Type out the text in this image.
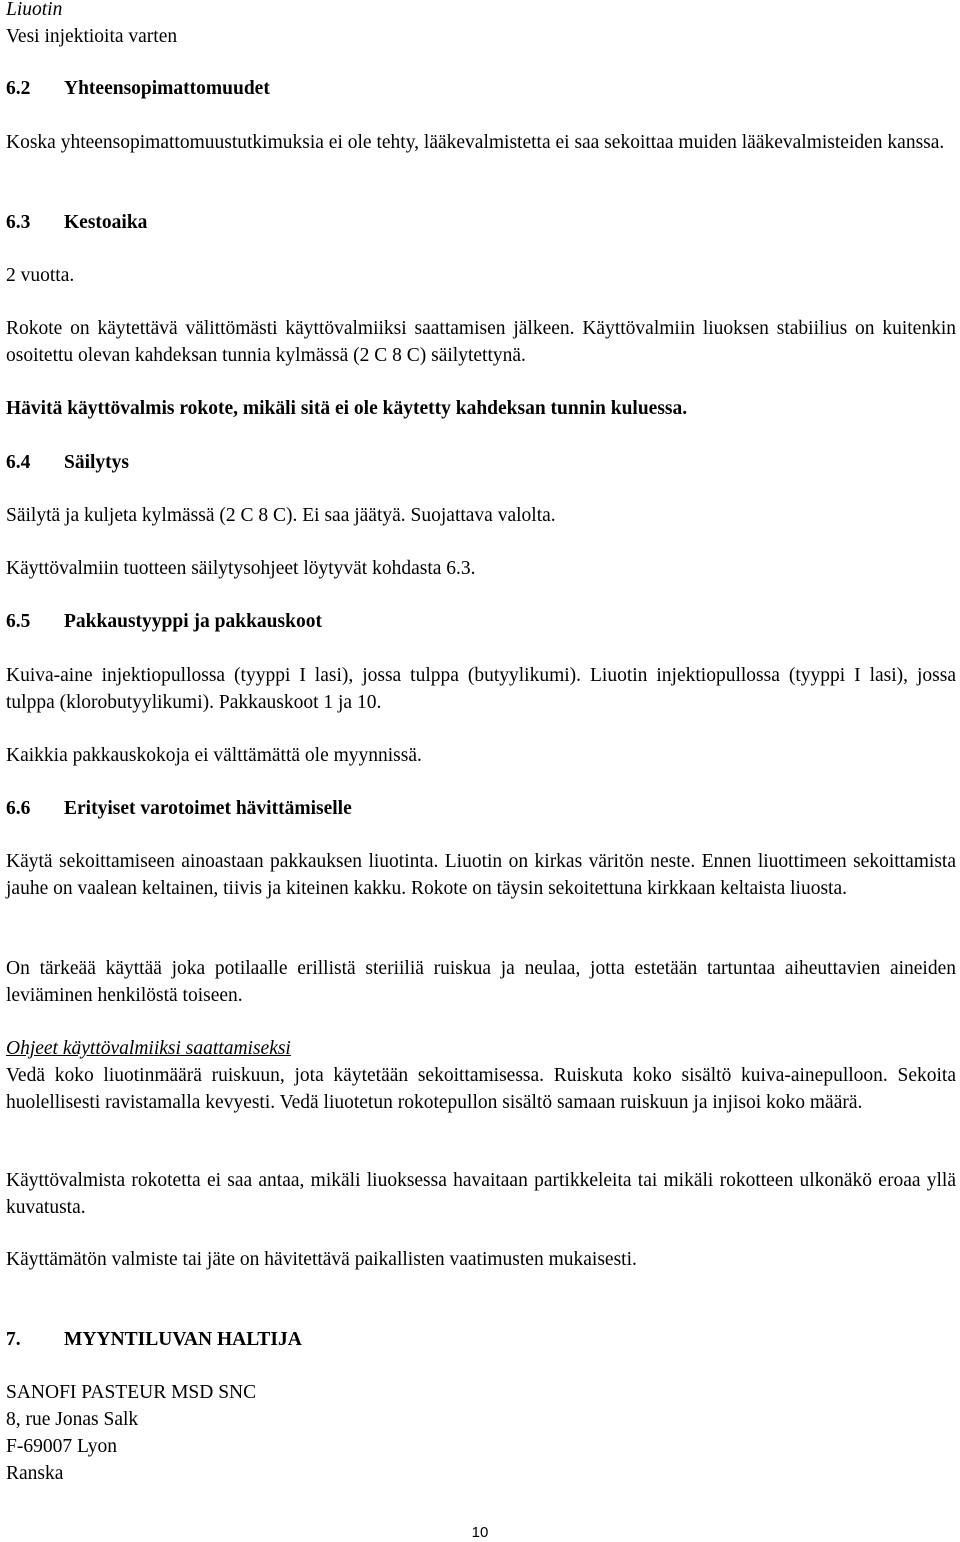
Liuotin
Vesi injektioita varten
6.2 Yhteensopimattomuudet
Koska yhteensopimattomuustutkimuksia ei ole tehty, lääkevalmistetta ei saa sekoittaa muiden lääkevalmisteiden kanssa.
6.3 Kestoaika
2 vuotta.
Rokote on käytettävä välittömästi käyttövalmiiksi saattamisen jälkeen. Käyttövalmiin liuoksen stabiilius on kuitenkin osoitettu olevan kahdeksan tunnia kylmässä (2 C 8 C) säilytettynä.
Hävitä käyttövalmis rokote, mikäli sitä ei ole käytetty kahdeksan tunnin kuluessa.
6.4 Säilytys
Säilytä ja kuljeta kylmässä (2 C 8 C). Ei saa jäätyä. Suojattava valolta.
Käyttövalmiin tuotteen säilytysohjeet löytyvät kohdasta 6.3.
6.5 Pakkaustyyppi ja pakkauskoot
Kuiva-aine injektiopullossa (tyyppi I lasi), jossa tulppa (butyylikumi). Liuotin injektiopullossa (tyyppi I lasi), jossa tulppa (klorobutyylikumi). Pakkauskoot 1 ja 10.
Kaikkia pakkauskokoja ei välttämättä ole myynnissä.
6.6 Erityiset varotoimet hävittämiselle
Käytä sekoittamiseen ainoastaan pakkauksen liuotinta. Liuotin on kirkas väritön neste. Ennen liuottimeen sekoittamista jauhe on vaalean keltainen, tiivis ja kiteinen kakku. Rokote on täysin sekoitettuna kirkkaan keltaista liuosta.
On tärkeää käyttää joka potilaalle erillistä steriiliä ruiskua ja neulaa, jotta estetään tartuntaa aiheuttavien aineiden leviäminen henkilöstä toiseen.
Ohjeet käyttövalmiiksi saattamiseksi
Vedä koko liuotinmäärä ruiskuun, jota käytetään sekoittamisessa. Ruiskuta koko sisältö kuiva-ainepulloon. Sekoita huolellisesti ravistamalla kevyesti. Vedä liuotetun rokotepullon sisältö samaan ruiskuun ja injisoi koko määrä.
Käyttövalmista rokotetta ei saa antaa, mikäli liuoksessa havaitaan partikkeleita tai mikäli rokotteen ulkonäkö eroaa yllä kuvatusta.
Käyttämätön valmiste tai jäte on hävitettävä paikallisten vaatimusten mukaisesti.
7. MYYNTILUVAN HALTIJA
SANOFI PASTEUR MSD SNC
8, rue Jonas Salk
F-69007 Lyon
Ranska
10
